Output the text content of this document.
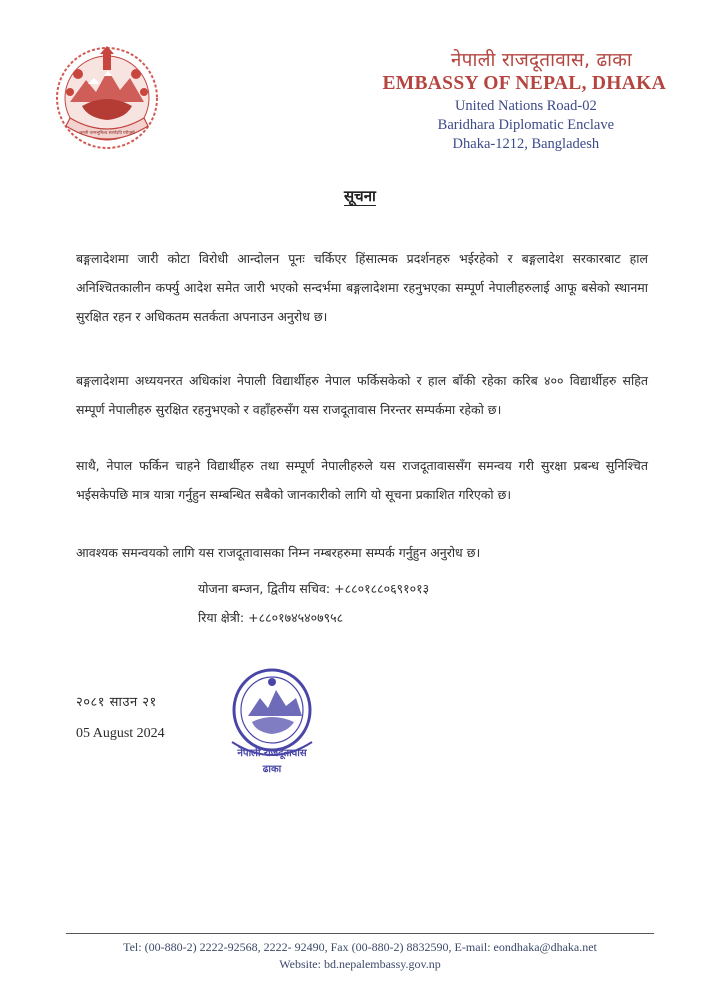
जननी जन्मभूमिश्च स्वर्गादपि गरीयसी
नेपाली राजदूतावास, ढाका
EMBASSY OF NEPAL, DHAKA
United Nations Road-02
Baridhara Diplomatic Enclave
Dhaka-1212, Bangladesh
सूचना
बङ्गलादेशमा जारी कोटा विरोधी आन्दोलन पूनः चर्किएर हिंसात्मक प्रदर्शनहरु भईरहेको र बङ्गलादेश सरकारबाट हाल अनिश्चितकालीन कर्फ्यु आदेश समेत जारी भएको सन्दर्भमा बङ्गलादेशमा रहनुभएका सम्पूर्ण नेपालीहरुलाई आफू बसेको स्थानमा सुरक्षित रहन र अधिकतम सतर्कता अपनाउन अनुरोध छ।
बङ्गलादेशमा अध्ययनरत अधिकांश नेपाली विद्यार्थीहरु नेपाल फर्किसकेको र हाल बाँकी रहेका करिब ४०० विद्यार्थीहरु सहित सम्पूर्ण नेपालीहरु सुरक्षित रहनुभएको र वहाँहरुसँग यस राजदूतावास निरन्तर सम्पर्कमा रहेको छ।
साथै, नेपाल फर्किन चाहने विद्यार्थीहरु तथा सम्पूर्ण नेपालीहरुले यस राजदूतावाससँग समन्वय गरी सुरक्षा प्रबन्ध सुनिश्चित भईसकेपछि मात्र यात्रा गर्नुहुन सम्बन्धित सबैको जानकारीको लागि यो सूचना प्रकाशित गरिएको छ।
आवश्यक समन्वयको लागि यस राजदूतावासका निम्न नम्बरहरुमा सम्पर्क गर्नुहुन अनुरोध छ।
योजना बम्जन, द्वितीय सचिव: +८८०१८८०६९१०१३
रिया क्षेत्री: +८८०१७४५४०७९५८
२०८१ साउन २१
05 August 2024
नेपाली राजदूतावास
ढाका
Tel: (00-880-2) 2222-92568, 2222- 92490, Fax (00-880-2) 8832590, E-mail: eondhaka@dhaka.net
Website: bd.nepalembassy.gov.np
